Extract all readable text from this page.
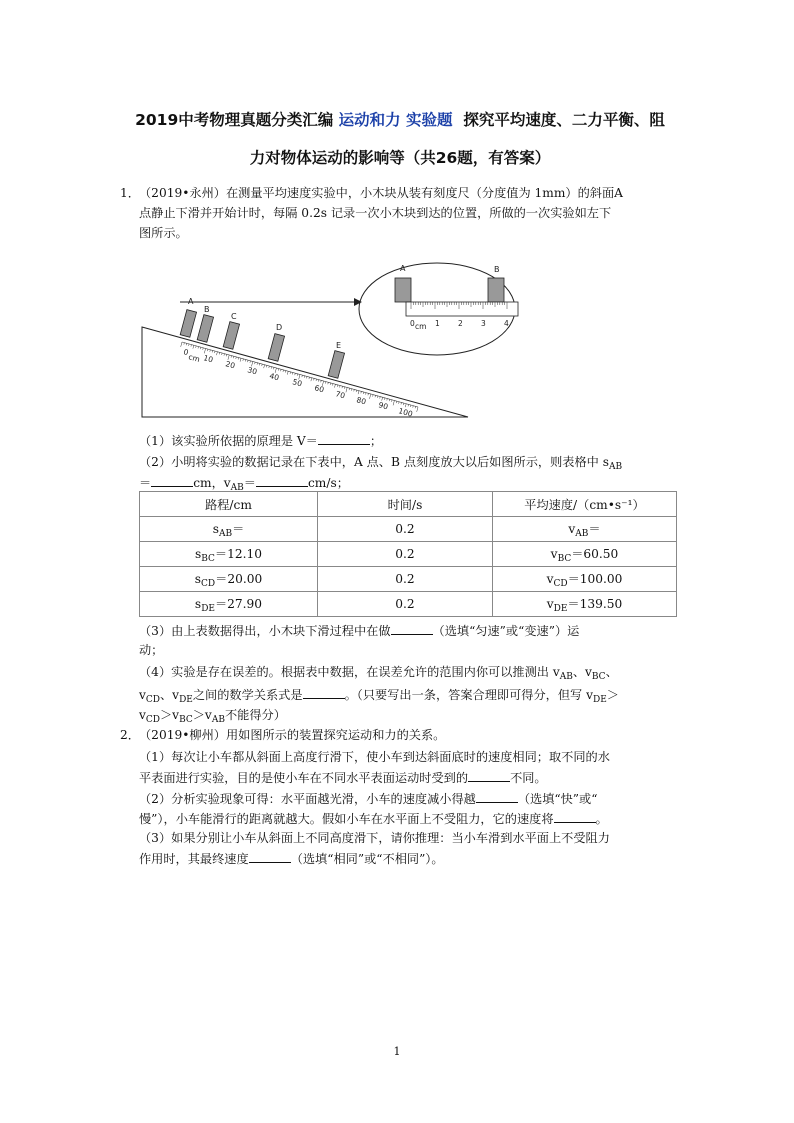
2019中考物理真题分类汇编 运动和力 实验题 探究平均速度、二力平衡、阻
力对物体运动的影响等（共26题，有答案）
1． （2019•永州）在测量平均速度实验中，小木块从装有刻度尺（分度值为 1mm）的斜面A
点静止下滑并开始计时，每隔 0.2s 记录一次小木块到达的位置，所做的一次实验如左下
图所示。
0
cm 10
20
30
40
50
60
70
80 90
100
A
B
C
D
E
A	B
0 cm 1 2 3 4
（1）该实验所依据的原理是 V＝	；
（2）小明将实验的数据记录在下表中，A 点、B 点刻度放大以后如图所示，则表格中 $s_{AB}$
＝	cm，$v_{AB}=$	cm/s；
路程/cm	时间/s	平均速度/（cm•s⁻¹）
$s_{AB}=$	0.2	$v_{AB}=$
$s_{BC}=12.10$	0.2	$v_{BC}=60.50$
$s_{CD}=20.00$	0.2	$v_{CD}=100.00$
$s_{DE}=27.90$	0.2	$v_{DE}=139.50$
（3）由上表数据得出，小木块下滑过程中在做	（选填“匀速”或“变速”）运
动；
（4）实验是存在误差的。根据表中数据，在误差允许的范围内你可以推测出 $v_{AB}$、$v_{BC}$、
$v_{CD}$、$v_{DE}$之间的数学关系式是	。（只要写出一条，答案合理即可得分，但写 $v_{DE}>$
$v_{CD}>v_{BC}>v_{AB}$不能得分）
2． （2019•柳州）用如图所示的装置探究运动和力的关系。
（1）每次让小车都从斜面上高度行滑下，使小车到达斜面底时的速度相同；取不同的水
平表面进行实验，目的是使小车在不同水平表面运动时受到的	不同。
（2）分析实验现象可得：水平面越光滑，小车的速度减小得越	（选填“快”或“
慢”），小车能滑行的距离就越大。假如小车在水平面上不受阻力，它的速度将	。
（3）如果分别让小车从斜面上不同高度滑下，请你推理：当小车滑到水平面上不受阻力
作用时，其最终速度	（选填“相同”或“不相同”）。
1
